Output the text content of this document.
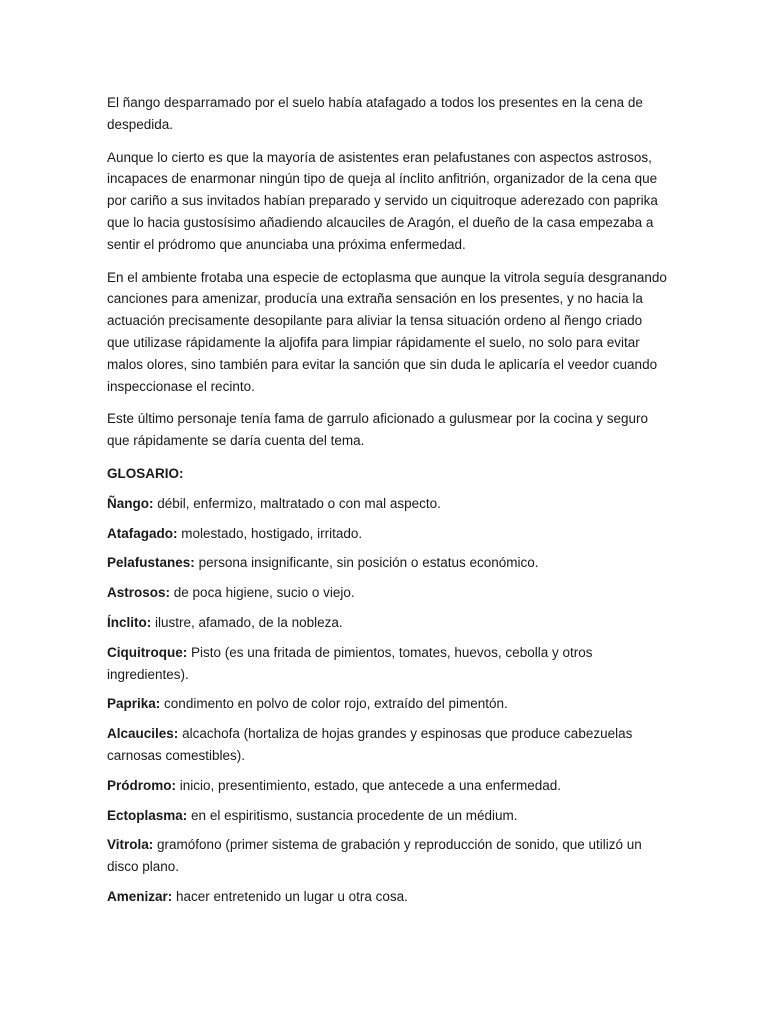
El ñango desparramado por el suelo había atafagado a todos los presentes en la cena de despedida.

Aunque lo cierto es que la mayoría de asistentes eran pelafustanes con aspectos astrosos, incapaces de enarmonar ningún tipo de queja al ínclito anfitrión, organizador de la cena que por cariño a sus invitados habían preparado y servido un ciquitroque aderezado con paprika que lo hacia gustosísimo añadiendo alcauciles de Aragón, el dueño de la casa empezaba a sentir el pródromo que anunciaba una próxima enfermedad.

En el ambiente frotaba una especie de ectoplasma que aunque la vitrola seguía desgranando canciones para amenizar, producía una extraña sensación en los presentes, y no hacia la actuación precisamente desopilante para aliviar la tensa situación ordeno al ñengo criado que utilizase rápidamente la aljofifa para limpiar rápidamente el suelo, no solo para evitar malos olores, sino también para evitar la sanción que sin duda le aplicaría el veedor cuando inspeccionase el recinto.

Este último personaje tenía fama de garrulo aficionado a gulusmear por la cocina y seguro que rápidamente se daría cuenta del tema.

GLOSARIO:

Ñango: débil, enfermizo, maltratado o con mal aspecto.

Atafagado: molestado, hostigado, irritado.

Pelafustanes: persona insignificante, sin posición o estatus económico.

Astrosos: de poca higiene, sucio o viejo.

Ínclito: ilustre, afamado, de la nobleza.

Ciquitroque: Pisto (es una fritada de pimientos, tomates, huevos, cebolla y otros ingredientes).

Paprika: condimento en polvo de color rojo, extraído del pimentón.

Alcauciles: alcachofa (hortaliza de hojas grandes y espinosas que produce cabezuelas carnosas comestibles).

Pródromo: inicio, presentimiento, estado, que antecede a una enfermedad.

Ectoplasma: en el espiritismo, sustancia procedente de un médium.

Vitrola: gramófono (primer sistema de grabación y reproducción de sonido, que utilizó un disco plano.

Amenizar: hacer entretenido un lugar u otra cosa.
